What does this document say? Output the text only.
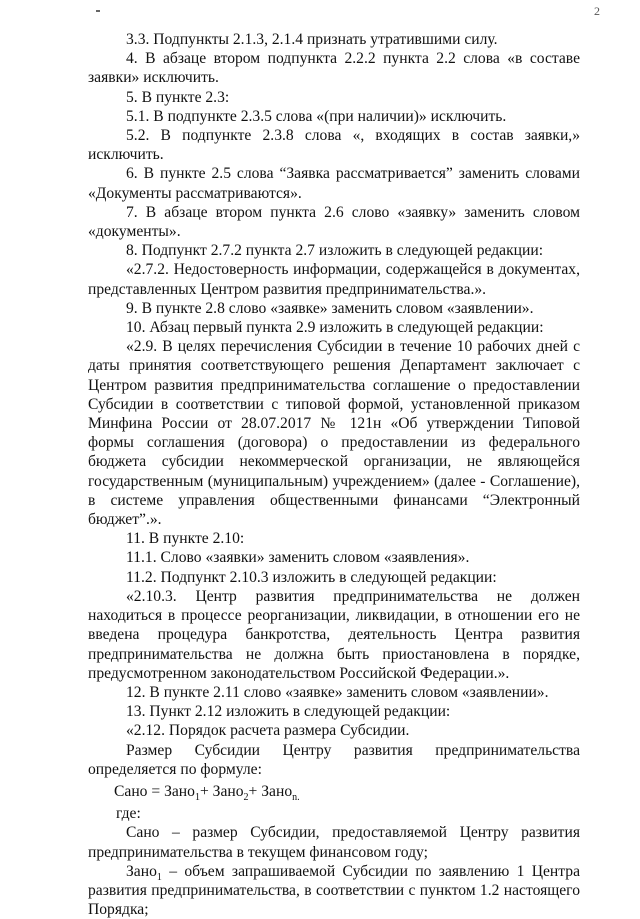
2

3.3. Подпункты 2.1.3, 2.1.4 признать утратившими силу.

4. В абзаце втором подпункта 2.2.2 пункта 2.2 слова «в составе заявки» исключить.

5. В пункте 2.3:

5.1. В подпункте 2.3.5 слова «(при наличии)» исключить.

5.2. В подпункте 2.3.8 слова «, входящих в состав заявки,» исключить.

6. В пункте 2.5 слова “Заявка рассматривается” заменить словами «Документы рассматриваются».

7. В абзаце втором пункта 2.6 слово «заявку» заменить словом «документы».

8. Подпункт 2.7.2 пункта 2.7 изложить в следующей редакции:

«2.7.2. Недостоверность информации, содержащейся в документах, представленных Центром развития предпринимательства.».

9. В пункте 2.8 слово «заявке» заменить словом «заявлении».

10. Абзац первый пункта 2.9 изложить в следующей редакции:

«2.9. В целях перечисления Субсидии в течение 10 рабочих дней с даты принятия соответствующего решения Департамент заключает с Центром развития предпринимательства соглашение о предоставлении Субсидии в соответствии с типовой формой, установленной приказом Минфина России от 28.07.2017 № 121н «Об утверждении Типовой формы соглашения (договора) о предоставлении из федерального бюджета субсидии некоммерческой организации, не являющейся государственным (муниципальным) учреждением» (далее - Соглашение), в системе управления общественными финансами “Электронный бюджет”.».

11. В пункте 2.10:

11.1. Слово «заявки» заменить словом «заявления».

11.2. Подпункт 2.10.3 изложить в следующей редакции:

«2.10.3. Центр развития предпринимательства не должен находиться в процессе реорганизации, ликвидации, в отношении его не введена процедура банкротства, деятельность Центра развития предпринимательства не должна быть приостановлена в порядке, предусмотренном законодательством Российской Федерации.».

12. В пункте 2.11 слово «заявке» заменить словом «заявлении».

13. Пункт 2.12 изложить в следующей редакции:

«2.12. Порядок расчета размера Субсидии.

Размер Субсидии Центру развития предпринимательства определяется по формуле:

Сано = Зано$_1$+ Зано$_2$+ Зано$_{n.}$

где:

Сано – размер Субсидии, предоставляемой Центру развития предпринимательства в текущем финансовом году;

Зано$_1$ – объем запрашиваемой Субсидии по заявлению 1 Центра развития предпринимательства, в соответствии с пунктом 1.2 настоящего Порядка;
